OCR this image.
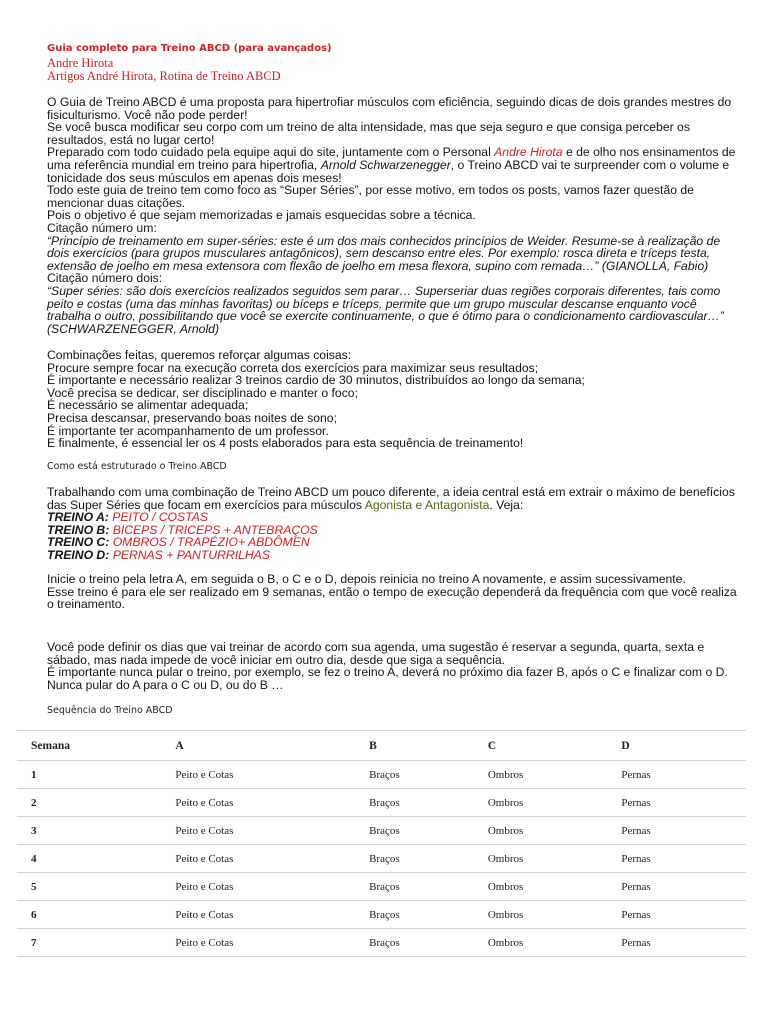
Guia completo para Treino ABCD (para avançados)
Andre Hirota
Artigos André Hirota, Rotina de Treino ABCD

O Guia de Treino ABCD é uma proposta para hipertrofiar músculos com eficiência, seguindo dicas de dois grandes mestres do fisiculturismo. Você não pode perder!

Se você busca modificar seu corpo com um treino de alta intensidade, mas que seja seguro e que consiga perceber os resultados, está no lugar certo!

Preparado com todo cuidado pela equipe aqui do site, juntamente com o Personal Andre Hirota e de olho nos ensinamentos de uma referência mundial em treino para hipertrofia, Arnold Schwarzenegger, o Treino ABCD vai te surpreender com o volume e tonicidade dos seus músculos em apenas dois meses!

Todo este guia de treino tem como foco as “Super Séries”, por esse motivo, em todos os posts, vamos fazer questão de mencionar duas citações.

Pois o objetivo é que sejam memorizadas e jamais esquecidas sobre a técnica.

Citação número um:

“Princípio de treinamento em super-séries: este é um dos mais conhecidos princípios de Weider. Resume-se à realização de dois exercícios (para grupos musculares antagônicos), sem descanso entre eles. Por exemplo: rosca direta e tríceps testa, extensão de joelho em mesa extensora com flexão de joelho em mesa flexora, supino com remada…” (GIANOLLA, Fabio)

Citação número dois:

“Super séries: são dois exercícios realizados seguidos sem parar… Superseriar duas regiões corporais diferentes, tais como peito e costas (uma das minhas favoritas) ou bíceps e tríceps, permite que um grupo muscular descanse enquanto você trabalha o outro, possibilitando que você se exercite continuamente, o que é ótimo para o condicionamento cardiovascular…” (SCHWARZENEGGER, Arnold)

Combinações feitas, queremos reforçar algumas coisas:

Procure sempre focar na execução correta dos exercícios para maximizar seus resultados;

É importante e necessário realizar 3 treinos cardio de 30 minutos, distribuídos ao longo da semana;

Você precisa se dedicar, ser disciplinado e manter o foco;

É necessário se alimentar adequada;

Precisa descansar, preservando boas noites de sono;

É importante ter acompanhamento de um professor.

E finalmente, é essencial ler os 4 posts elaborados para esta sequência de treinamento!

Como está estruturado o Treino ABCD

Trabalhando com uma combinação de Treino ABCD um pouco diferente, a ideia central está em extrair o máximo de benefícios das Super Séries que focam em exercícios para músculos Agonista e Antagonista. Veja:

TREINO A: PEITO / COSTAS

TREINO B: BICEPS / TRICEPS + ANTEBRAÇOS

TREINO C: OMBROS / TRAPÉZIO+ ABDÔMEN

TREINO D: PERNAS + PANTURRILHAS

Inicie o treino pela letra A, em seguida o B, o C e o D, depois reinicia no treino A novamente, e assim sucessivamente.

Esse treino é para ele ser realizado em 9 semanas, então o tempo de execução dependerá da frequência com que você realiza o treinamento.

Você pode definir os dias que vai treinar de acordo com sua agenda, uma sugestão é reservar a segunda, quarta, sexta e sábado, mas nada impede de você iniciar em outro dia, desde que siga a sequência.

É importante nunca pular o treino, por exemplo, se fez o treino A, deverá no próximo dia fazer B, após o C e finalizar com o D. Nunca pular do A para o C ou D, ou do B …

Sequência do Treino ABCD
Semana	A	B	C	D
1	Peito e Cotas	Braços	Ombros	Pernas
2	Peito e Cotas	Braços	Ombros	Pernas
3	Peito e Cotas	Braços	Ombros	Pernas
4	Peito e Cotas	Braços	Ombros	Pernas
5	Peito e Cotas	Braços	Ombros	Pernas
6	Peito e Cotas	Braços	Ombros	Pernas
7	Peito e Cotas	Braços	Ombros	Pernas
